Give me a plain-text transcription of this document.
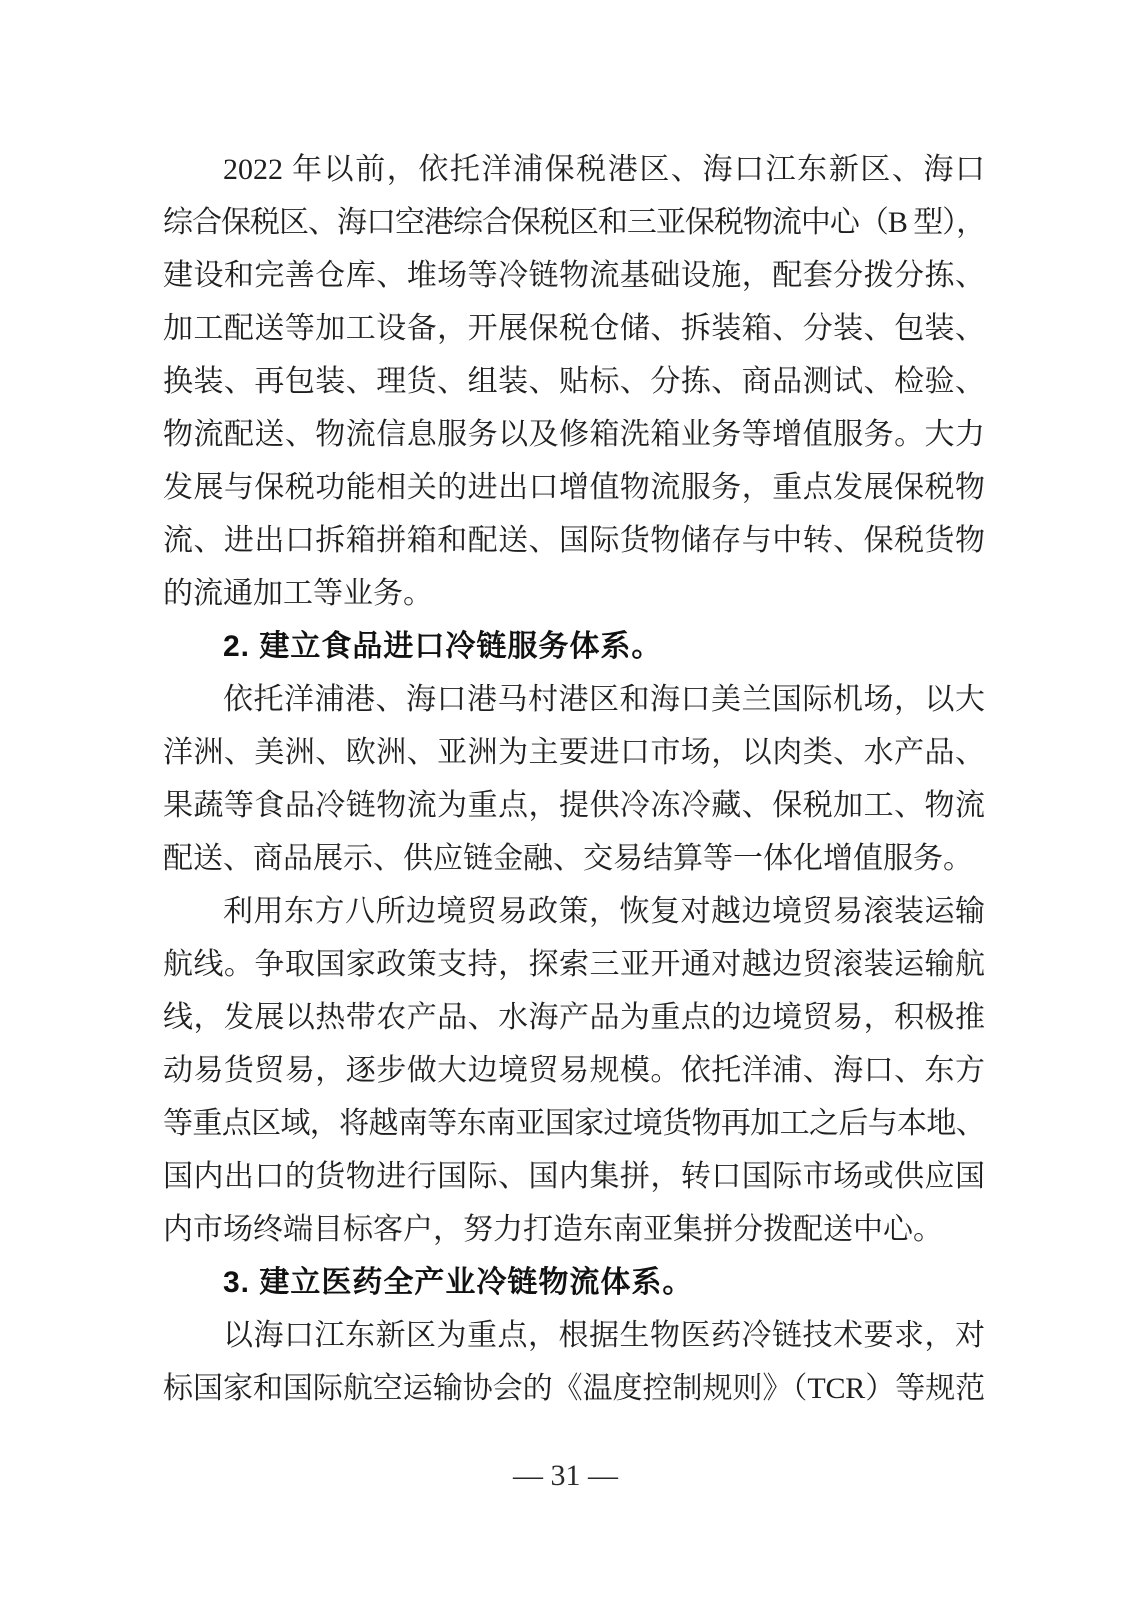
2022 年以前，依托洋浦保税港区、海口江东新区、海口
综合保税区、海口空港综合保税区和三亚保税物流中心（B 型），
建设和完善仓库、堆场等冷链物流基础设施，配套分拨分拣、
加工配送等加工设备，开展保税仓储、拆装箱、分装、包装、
换装、再包装、理货、组装、贴标、分拣、商品测试、检验、
物流配送、物流信息服务以及修箱洗箱业务等增值服务。大力
发展与保税功能相关的进出口增值物流服务，重点发展保税物
流、进出口拆箱拼箱和配送、国际货物储存与中转、保税货物
的流通加工等业务。
2. 建立食品进口冷链服务体系。
依托洋浦港、海口港马村港区和海口美兰国际机场，以大
洋洲、美洲、欧洲、亚洲为主要进口市场，以肉类、水产品、
果蔬等食品冷链物流为重点，提供冷冻冷藏、保税加工、物流
配送、商品展示、供应链金融、交易结算等一体化增值服务。
利用东方八所边境贸易政策，恢复对越边境贸易滚装运输
航线。争取国家政策支持，探索三亚开通对越边贸滚装运输航
线，发展以热带农产品、水海产品为重点的边境贸易，积极推
动易货贸易，逐步做大边境贸易规模。依托洋浦、海口、东方
等重点区域，将越南等东南亚国家过境货物再加工之后与本地、
国内出口的货物进行国际、国内集拼，转口国际市场或供应国
内市场终端目标客户，努力打造东南亚集拼分拨配送中心。
3. 建立医药全产业冷链物流体系。
以海口江东新区为重点，根据生物医药冷链技术要求，对
标国家和国际航空运输协会的《温度控制规则》（TCR）等规范
— 31 —
